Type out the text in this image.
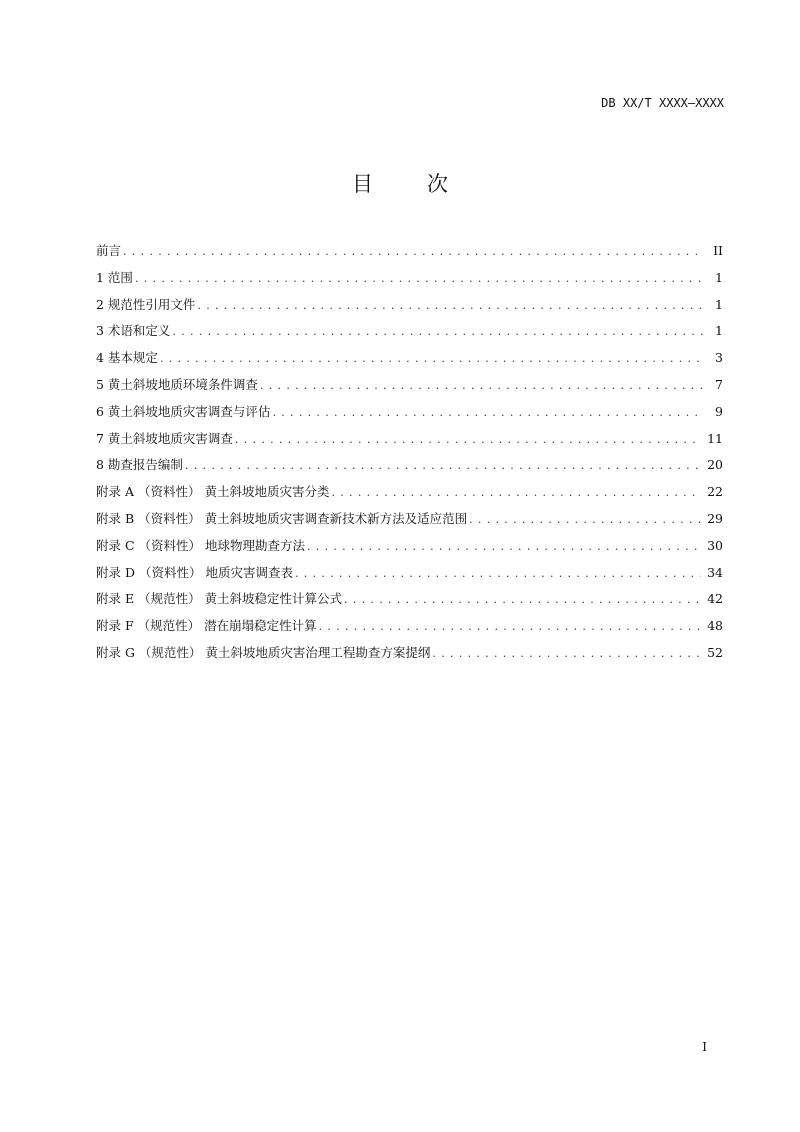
DB XX/T XXXX—XXXX
目	次
前言 . . .	II
1 范围 . . .	1
2 规范性引用文件 . . .	1
3 术语和定义 . . .	1
4 基本规定 . . .	3
5 黄土斜坡地质环境条件调查 . . .	7
6 黄土斜坡地质灾害调查与评估 . . .	9
7 黄土斜坡地质灾害调查 . . .	11
8 勘查报告编制 . . .	20
附录 A （资料性） 黄土斜坡地质灾害分类 . . .	22
附录 B （资料性） 黄土斜坡地质灾害调查新技术新方法及适应范围 . . .	29
附录 C （资料性） 地球物理勘查方法 . . .	30
附录 D （资料性） 地质灾害调查表 . . .	34
附录 E （规范性） 黄土斜坡稳定性计算公式 . . .	42
附录 F （规范性） 潜在崩塌稳定性计算 . . .	48
附录 G （规范性） 黄土斜坡地质灾害治理工程勘查方案提纲 . . .	52
I
